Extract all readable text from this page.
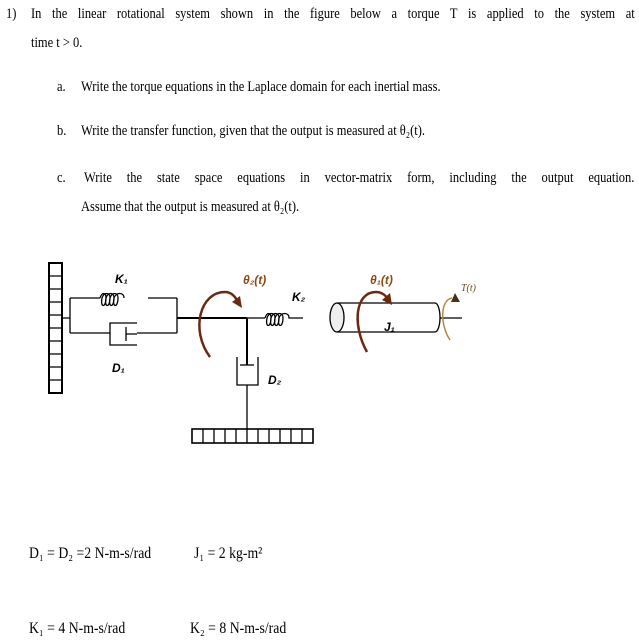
1) In the linear rotational system shown in the figure below a torque T is applied to the system at
time t > 0.
a. Write the torque equations in the Laplace domain for each inertial mass.
b. Write the transfer function, given that the output is measured at θ₂(t).
c. Write the state space equations in vector-matrix form, including the output equation.
Assume that the output is measured at θ₂(t).
K₁
D₁
θ₂(t)
K₂
D₂
θ₁(t)
J₁
T(t)
D₁ = D₂ =2 N-m-s/rad	J₁ = 2 kg-m²
K₁ = 4 N-m-s/rad	K₂ = 8 N-m-s/rad
